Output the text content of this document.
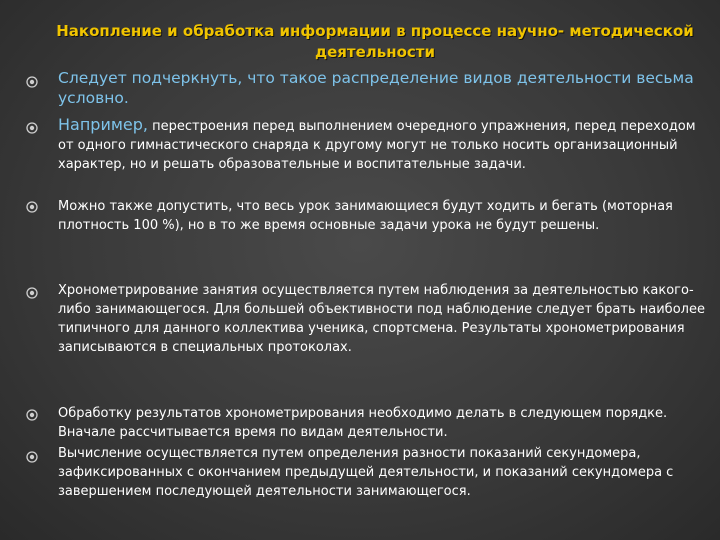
Накопление и обработка информации в процессе научно- методической деятельности
Следует подчеркнуть, что такое распределение видов деятельности весьма условно.
Например, перестроения перед выполнением очередного упражнения, перед переходом от одного гимнастического снаряда к другому могут не только носить организационный характер, но и решать образовательные и воспитательные задачи.
Можно также допустить, что весь урок занимающиеся будут ходить и бегать (моторная плотность 100 %), но в то же время основные задачи урока не будут решены.
Хронометрирование занятия осуществляется путем наблюдения за деятельностью какого-либо занимающегося. Для большей объективности под наблюдение следует брать наиболее типичного для данного коллектива ученика, спортсмена. Результаты хронометрирования записываются в специальных протоколах.
Обработку результатов хронометрирования необходимо делать в следующем порядке. Вначале рассчитывается время по видам деятельности.
Вычисление осуществляется путем определения разности показаний секундомера, зафиксированных с окончанием предыдущей деятельности, и показаний секундомера с завершением последующей деятельности занимающегося.
